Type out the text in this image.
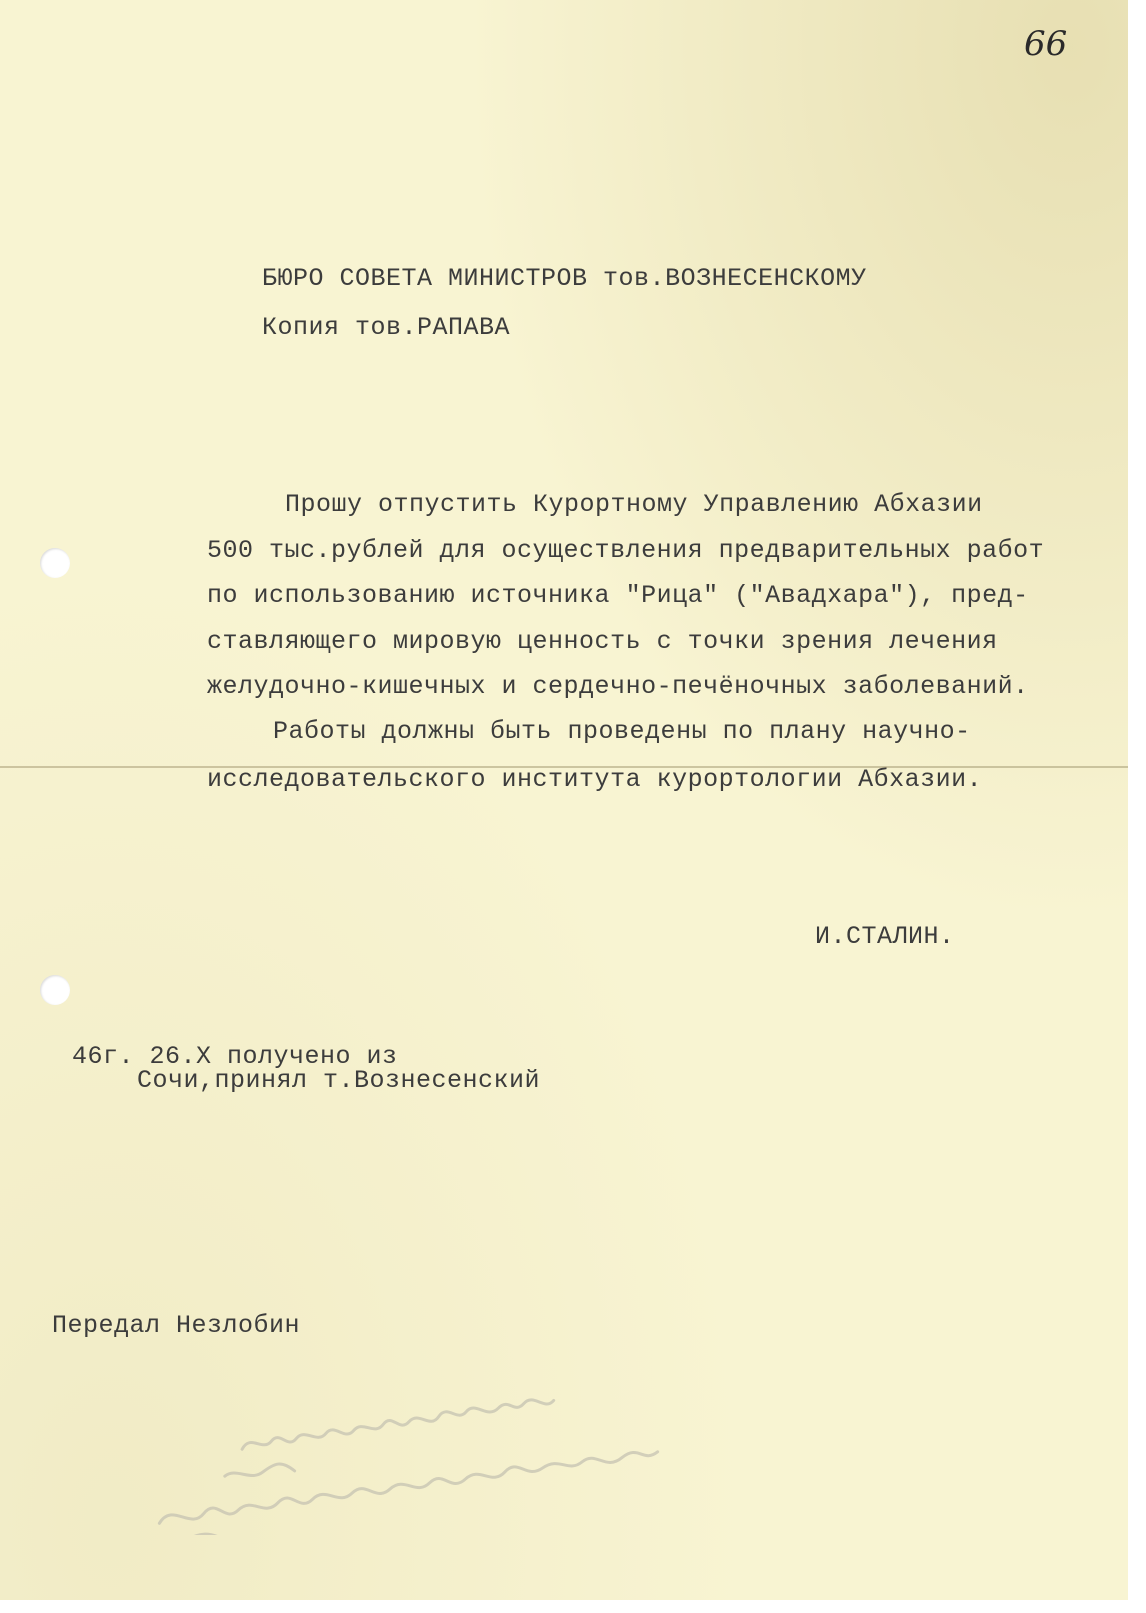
66
БЮРО СОВЕТА МИНИСТРОВ тов.ВОЗНЕСЕНСКОМУ
Копия тов.РАПАВА
Прошу отпустить Курортному Управлению Абхазии
500 тыс.рублей для осуществления предварительных работ
по использованию источника "Рица" ("Авадхара"), пред-
ставляющего мировую ценность с точки зрения лечения
желудочно-кишечных и сердечно-печёночных заболеваний.
Работы должны быть проведены по плану научно-
исследовательского института курортологии Абхазии.
И.СТАЛИН.
46г. 26.Х получено из
Сочи,принял т.Вознесенский
Передал Незлобин
